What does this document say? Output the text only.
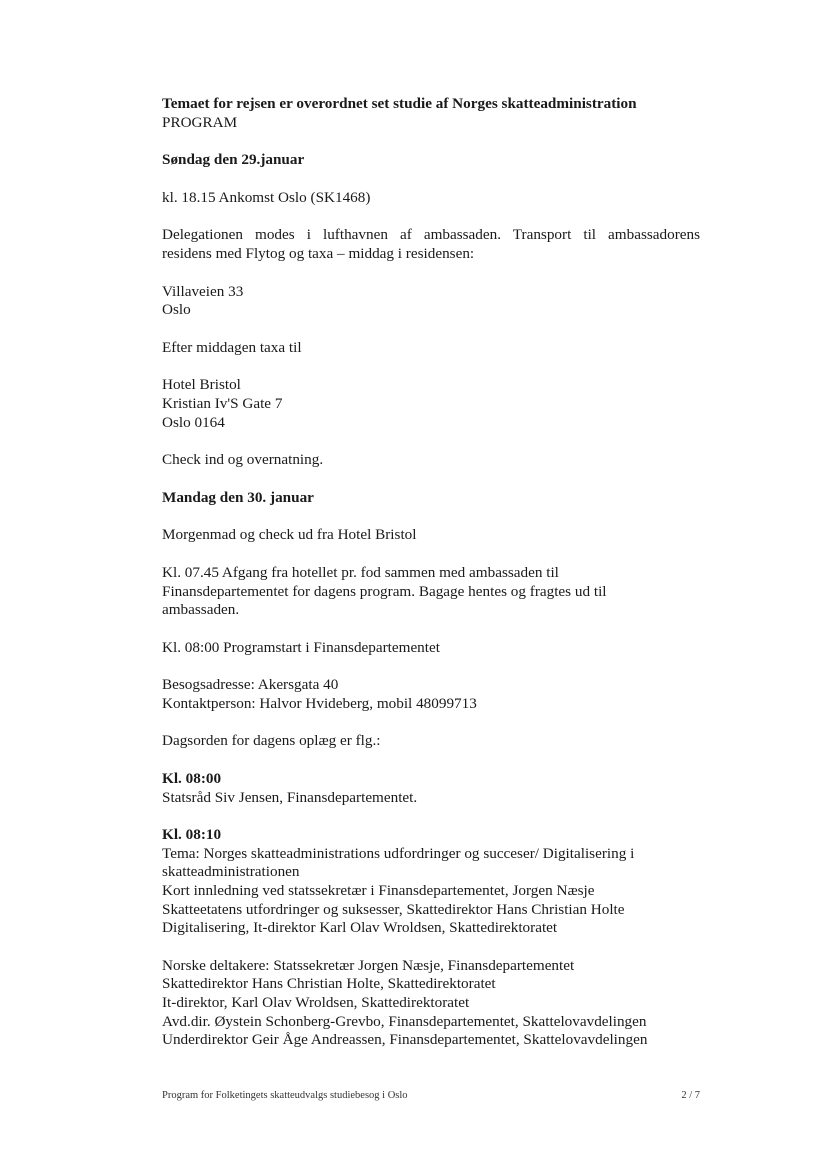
Temaet for rejsen er overordnet set studie af Norges skatteadministration
PROGRAM
Søndag den 29.januar
kl. 18.15 Ankomst Oslo (SK1468)
Delegationen modes i lufthavnen af ambassaden. Transport til ambassadorens
residens med Flytog og taxa – middag i residensen:
Villaveien 33
Oslo
Efter middagen taxa til
Hotel Bristol
Kristian Iv'S Gate 7
Oslo 0164
Check ind og overnatning.
Mandag den 30. januar
Morgenmad og check ud fra Hotel Bristol
Kl. 07.45 Afgang fra hotellet pr. fod sammen med ambassaden til
Finansdepartementet for dagens program. Bagage hentes og fragtes ud til
ambassaden.
Kl. 08:00 Programstart i Finansdepartementet
Besogsadresse: Akersgata 40
Kontaktperson: Halvor Hvideberg, mobil 48099713
Dagsorden for dagens oplæg er flg.:
Kl. 08:00
Statsråd Siv Jensen, Finansdepartementet.
Kl. 08:10
Tema: Norges skatteadministrations udfordringer og succeser/ Digitalisering i
skatteadministrationen
Kort innledning ved statssekretær i Finansdepartementet, Jorgen Næsje
Skatteetatens utfordringer og suksesser, Skattedirektor Hans Christian Holte
Digitalisering, It-direktor Karl Olav Wroldsen, Skattedirektoratet
Norske deltakere: Statssekretær Jorgen Næsje, Finansdepartementet
Skattedirektor Hans Christian Holte, Skattedirektoratet
It-direktor, Karl Olav Wroldsen, Skattedirektoratet
Avd.dir. Øystein Schonberg-Grevbo, Finansdepartementet, Skattelovavdelingen
Underdirektor Geir Åge Andreassen, Finansdepartementet, Skattelovavdelingen
Program for Folketingets skatteudvalgs studiebesog i Oslo	2 / 7
